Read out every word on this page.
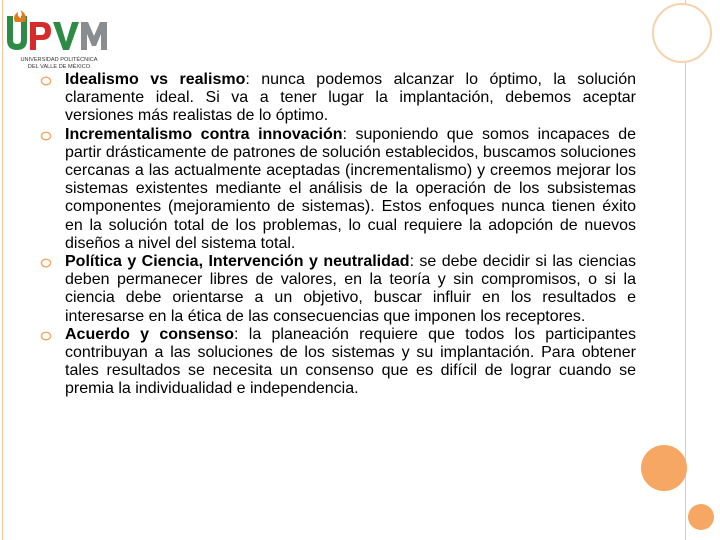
UNIVERSIDAD POLITÉCNICA
DEL VALLE DE MÉXICO
Idealismo vs realismo: nunca podemos alcanzar lo óptimo, la solución claramente ideal. Si va a tener lugar la implantación, debemos aceptar versiones más realistas de lo óptimo.
Incrementalismo contra innovación: suponiendo que somos incapaces de partir drásticamente de patrones de solución establecidos, buscamos soluciones cercanas a las actualmente aceptadas (incrementalismo) y creemos mejorar los sistemas existentes mediante el análisis de la operación de los subsistemas componentes (mejoramiento de sistemas). Estos enfoques nunca tienen éxito en la solución total de los problemas, lo cual requiere la adopción de nuevos diseños a nivel del sistema total.
Política y Ciencia, Intervención y neutralidad: se debe decidir si las ciencias deben permanecer libres de valores, en la teoría y sin compromisos, o si la ciencia debe orientarse a un objetivo, buscar influir en los resultados e interesarse en la ética de las consecuencias que imponen los receptores.
Acuerdo y consenso: la planeación requiere que todos los participantes contribuyan a las soluciones de los sistemas y su implantación. Para obtener tales resultados se necesita un consenso que es difícil de lograr cuando se premia la individualidad e independencia.
